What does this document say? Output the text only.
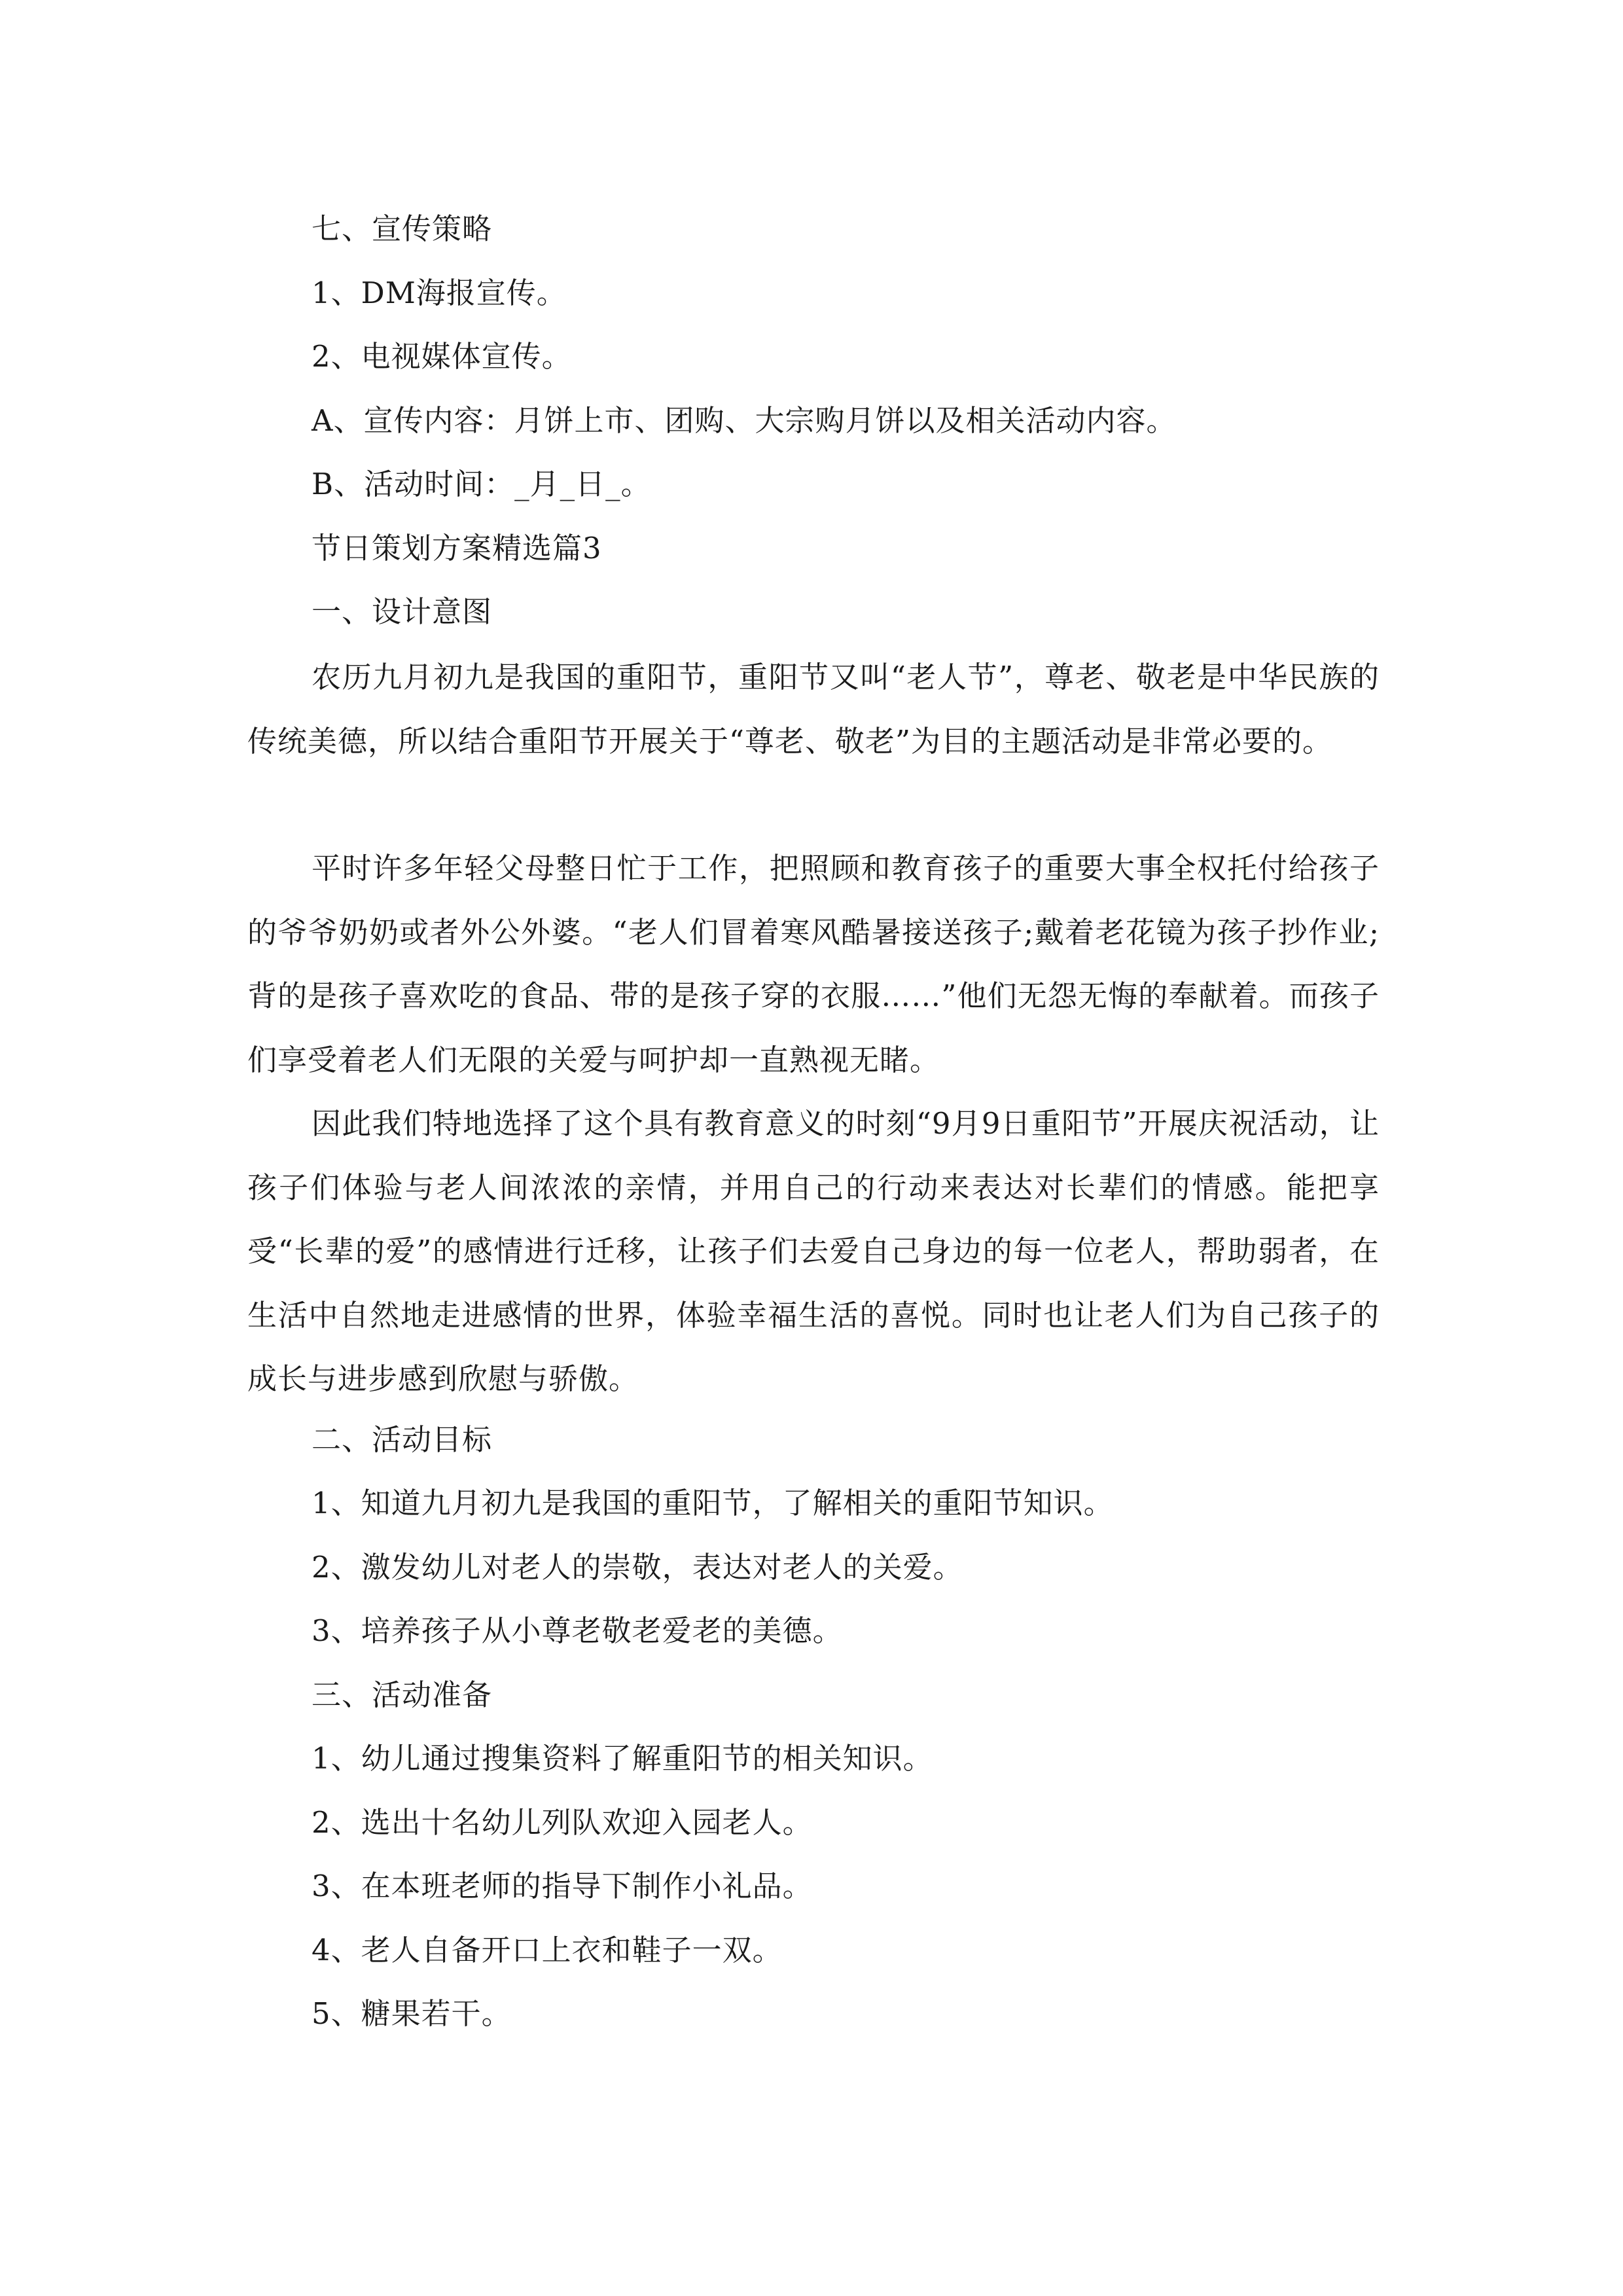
七、宣传策略
1、DM海报宣传。
2、电视媒体宣传。
A、宣传内容：月饼上市、团购、大宗购月饼以及相关活动内容。
B、活动时间：_月_日_。
节日策划方案精选篇3
一、设计意图

农历九月初九是我国的重阳节，重阳节又叫“老人节”，尊老、敬老是中华民族的传统美德，所以结合重阳节开展关于“尊老、敬老”为目的主题活动是非常必要的。

平时许多年轻父母整日忙于工作，把照顾和教育孩子的重要大事全权托付给孩子的爷爷奶奶或者外公外婆。“老人们冒着寒风酷暑接送孩子;戴着老花镜为孩子抄作业;背的是孩子喜欢吃的食品、带的是孩子穿的衣服……”他们无怨无悔的奉献着。而孩子们享受着老人们无限的关爱与呵护却一直熟视无睹。

因此我们特地选择了这个具有教育意义的时刻“9月9日重阳节”开展庆祝活动，让孩子们体验与老人间浓浓的亲情，并用自己的行动来表达对长辈们的情感。能把享受“长辈的爱”的感情进行迁移，让孩子们去爱自己身边的每一位老人，帮助弱者，在生活中自然地走进感情的世界，体验幸福生活的喜悦。同时也让老人们为自己孩子的成长与进步感到欣慰与骄傲。

二、活动目标
1、知道九月初九是我国的重阳节，了解相关的重阳节知识。
2、激发幼儿对老人的崇敬，表达对老人的关爱。
3、培养孩子从小尊老敬老爱老的美德。
三、活动准备
1、幼儿通过搜集资料了解重阳节的相关知识。
2、选出十名幼儿列队欢迎入园老人。
3、在本班老师的指导下制作小礼品。
4、老人自备开口上衣和鞋子一双。
5、糖果若干。
